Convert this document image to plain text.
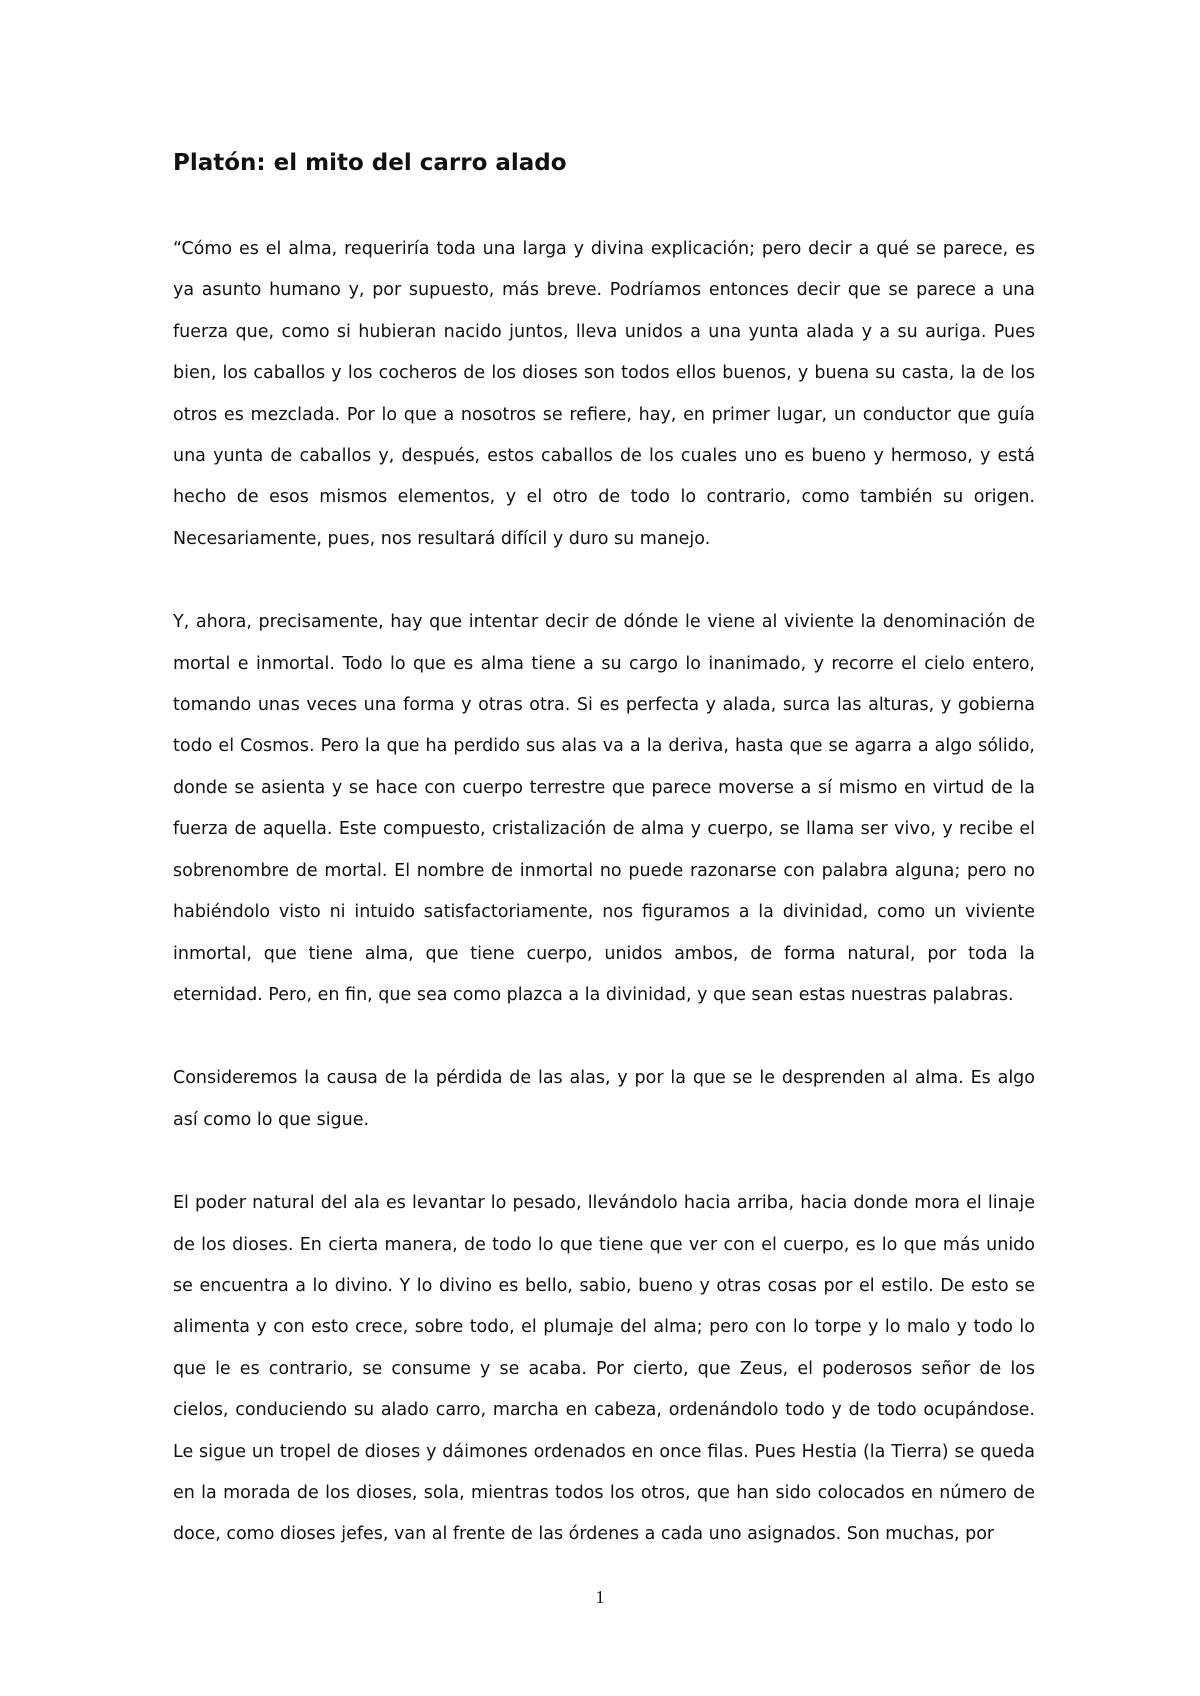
Platón: el mito del carro alado

“Cómo es el alma, requeriría toda una larga y divina explicación; pero decir a qué se parece, es ya asunto humano y, por supuesto, más breve. Podríamos entonces decir que se parece a una fuerza que, como si hubieran nacido juntos, lleva unidos a una yunta alada y a su auriga. Pues bien, los caballos y los cocheros de los dioses son todos ellos buenos, y buena su casta, la de los otros es mezclada. Por lo que a nosotros se refiere, hay, en primer lugar, un conductor que guía una yunta de caballos y, después, estos caballos de los cuales uno es bueno y hermoso, y está hecho de esos mismos elementos, y el otro de todo lo contrario, como también su origen. Necesariamente, pues, nos resultará difícil y duro su manejo.

Y, ahora, precisamente, hay que intentar decir de dónde le viene al viviente la denominación de mortal e inmortal. Todo lo que es alma tiene a su cargo lo inanimado, y recorre el cielo entero, tomando unas veces una forma y otras otra. Si es perfecta y alada, surca las alturas, y gobierna todo el Cosmos. Pero la que ha perdido sus alas va a la deriva, hasta que se agarra a algo sólido, donde se asienta y se hace con cuerpo terrestre que parece moverse a sí mismo en virtud de la fuerza de aquella. Este compuesto, cristalización de alma y cuerpo, se llama ser vivo, y recibe el sobrenombre de mortal. El nombre de inmortal no puede razonarse con palabra alguna; pero no habiéndolo visto ni intuido satisfactoriamente, nos figuramos a la divinidad, como un viviente inmortal, que tiene alma, que tiene cuerpo, unidos ambos, de forma natural, por toda la eternidad. Pero, en fin, que sea como plazca a la divinidad, y que sean estas nuestras palabras.

Consideremos la causa de la pérdida de las alas, y por la que se le desprenden al alma. Es algo así como lo que sigue.

El poder natural del ala es levantar lo pesado, llevándolo hacia arriba, hacia donde mora el linaje de los dioses. En cierta manera, de todo lo que tiene que ver con el cuerpo, es lo que más unido se encuentra a lo divino. Y lo divino es bello, sabio, bueno y otras cosas por el estilo. De esto se alimenta y con esto crece, sobre todo, el plumaje del alma; pero con lo torpe y lo malo y todo lo que le es contrario, se consume y se acaba. Por cierto, que Zeus, el poderosos señor de los cielos, conduciendo su alado carro, marcha en cabeza, ordenándolo todo y de todo ocupándose. Le sigue un tropel de dioses y dáimones ordenados en once filas. Pues Hestia (la Tierra) se queda en la morada de los dioses, sola, mientras todos los otros, que han sido colocados en número de doce, como dioses jefes, van al frente de las órdenes a cada uno asignados. Son muchas, por

1
